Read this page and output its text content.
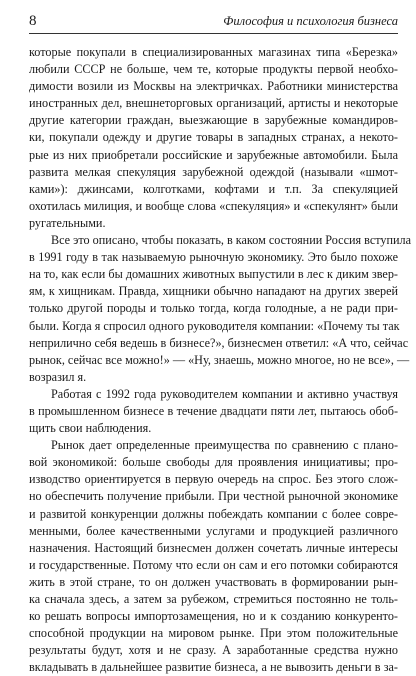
8	Философия и психология бизнеса
которые покупали в специализированных магазинах типа «Березка»
любили СССР не больше, чем те, которые продукты первой необхо-
димости возили из Москвы на электричках. Работники министерства
иностранных дел, внешнеторговых организаций, артисты и некоторые
другие категории граждан, выезжающие в зарубежные командиров-
ки, покупали одежду и другие товары в западных странах, а некото-
рые из них приобретали российские и зарубежные автомобили. Была
развита мелкая спекуляция зарубежной одеждой (называли «шмот-
ками»): джинсами, колготками, кофтами и т.п. За спекуляцией
охотилась милиция, и вообще слова «спекуляция» и «спекулянт» были
ругательными.
Все это описано, чтобы показать, в каком состоянии Россия вступила
в 1991 году в так называемую рыночную экономику. Это было похоже
на то, как если бы домашних животных выпустили в лес к диким звер-
ям, к хищникам. Правда, хищники обычно нападают на других зверей
только другой породы и только тогда, когда голодные, а не ради при-
были. Когда я спросил одного руководителя компании: «Почему ты так
неприлично себя ведешь в бизнесе?», бизнесмен ответил: «А что, сейчас
рынок, сейчас все можно!» — «Ну, знаешь, можно многое, но не все», —
возразил я.
Работая с 1992 года руководителем компании и активно участвуя
в промышленном бизнесе в течение двадцати пяти лет, пытаюсь обоб-
щить свои наблюдения.
Рынок дает определенные преимущества по сравнению с плано-
вой экономикой: больше свободы для проявления инициативы; про-
изводство ориентируется в первую очередь на спрос. Без этого слож-
но обеспечить получение прибыли. При честной рыночной экономике
и развитой конкуренции должны побеждать компании с более совре-
менными, более качественными услугами и продукцией различного
назначения. Настоящий бизнесмен должен сочетать личные интересы
и государственные. Потому что если он сам и его потомки собираются
жить в этой стране, то он должен участвовать в формировании рын-
ка сначала здесь, а затем за рубежом, стремиться постоянно не толь-
ко решать вопросы импортозамещения, но и к созданию конкуренто-
способной продукции на мировом рынке. При этом положительные
результаты будут, хотя и не сразу. А заработанные средства нужно
вкладывать в дальнейшее развитие бизнеса, а не вывозить деньги в за-
